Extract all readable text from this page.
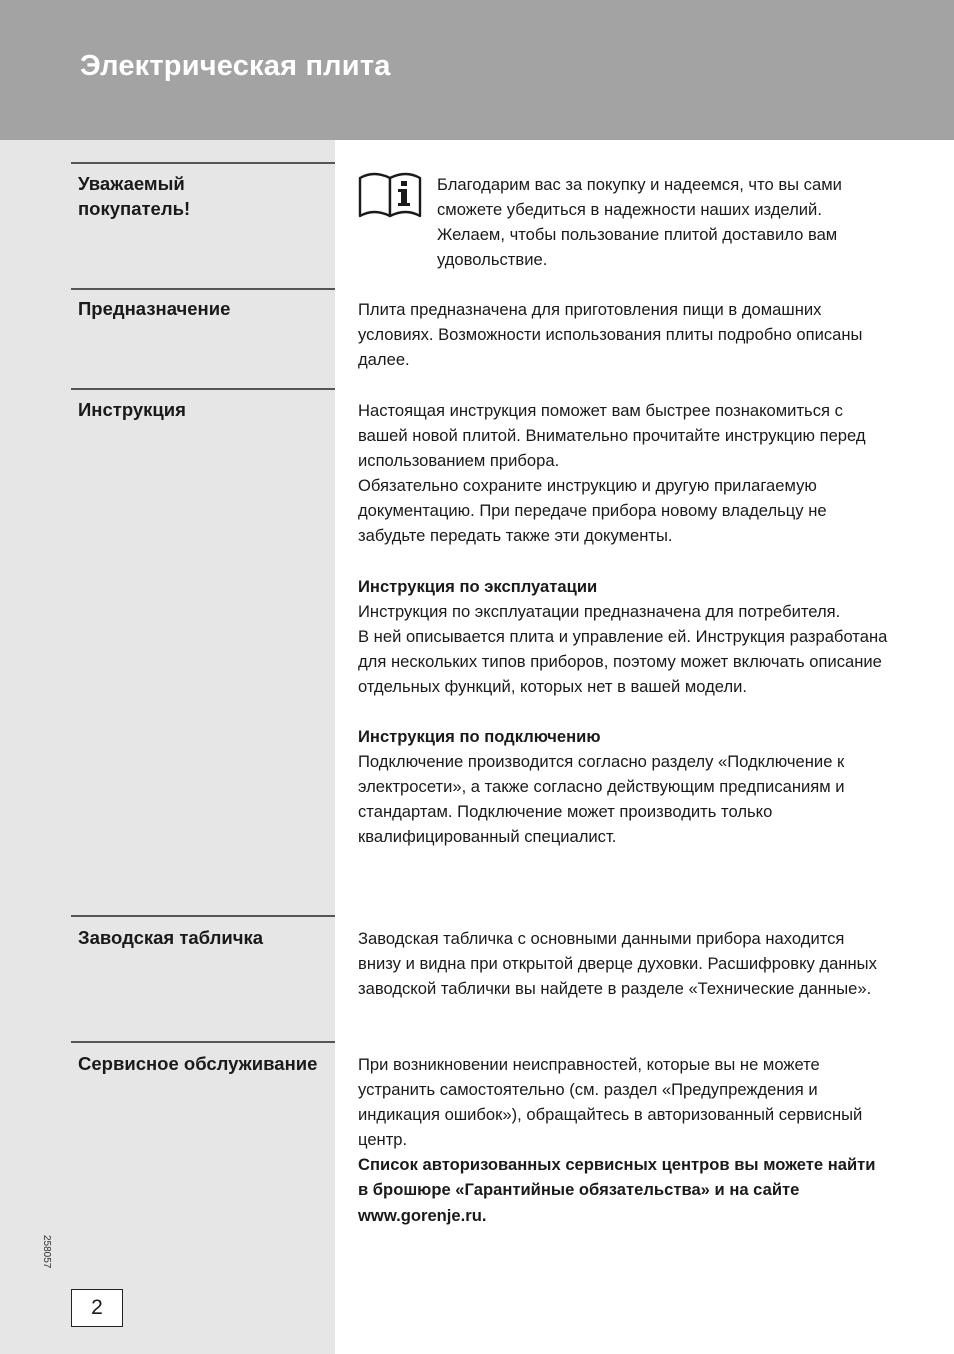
Электрическая плита
Уважаемый покупатель!
Благодарим вас за покупку и надеемся, что вы сами сможете убедиться в надежности наших изделий. Желаем, чтобы пользование плитой доставило вам удовольствие.
Предназначение	Плита предназначена для приготовления пищи в домашних условиях. Возможности использования плиты подробно описаны далее.
Инструкция	Настоящая инструкция поможет вам быстрее познакомиться с вашей новой плитой. Внимательно прочитайте инструкцию перед использованием прибора.

Обязательно сохраните инструкцию и другую прилагаемую документацию. При передаче прибора новому владельцу не забудьте передать также эти документы.

Инструкция по эксплуатации

Инструкция по эксплуатации предназначена для потребителя.

В ней описывается плита и управление ей. Инструкция разработана для нескольких типов приборов, поэтому может включать описание отдельных функций, которых нет в вашей модели.

Инструкция по подключению

Подключение производится согласно разделу «Подключение к электросети», а также согласно действующим предписаниям и стандартам. Подключение может производить только квалифицированный специалист.

Заводская табличка	Заводская табличка с основными данными прибора находится внизу и видна при открытой дверце духовки. Расшифровку данных заводской таблички вы найдете в разделе «Технические данные».
Сервисное обслуживание	При возникновении неисправностей, которые вы не можете устранить самостоятельно (см. раздел «Предупреждения и индикация ошибок»), обращайтесь в авторизованный сервисный центр.

Список авторизованных сервисных центров вы можете найти в брошюре «Гарантийные обязательства» и на сайте www.gorenje.ru.

258057
2
